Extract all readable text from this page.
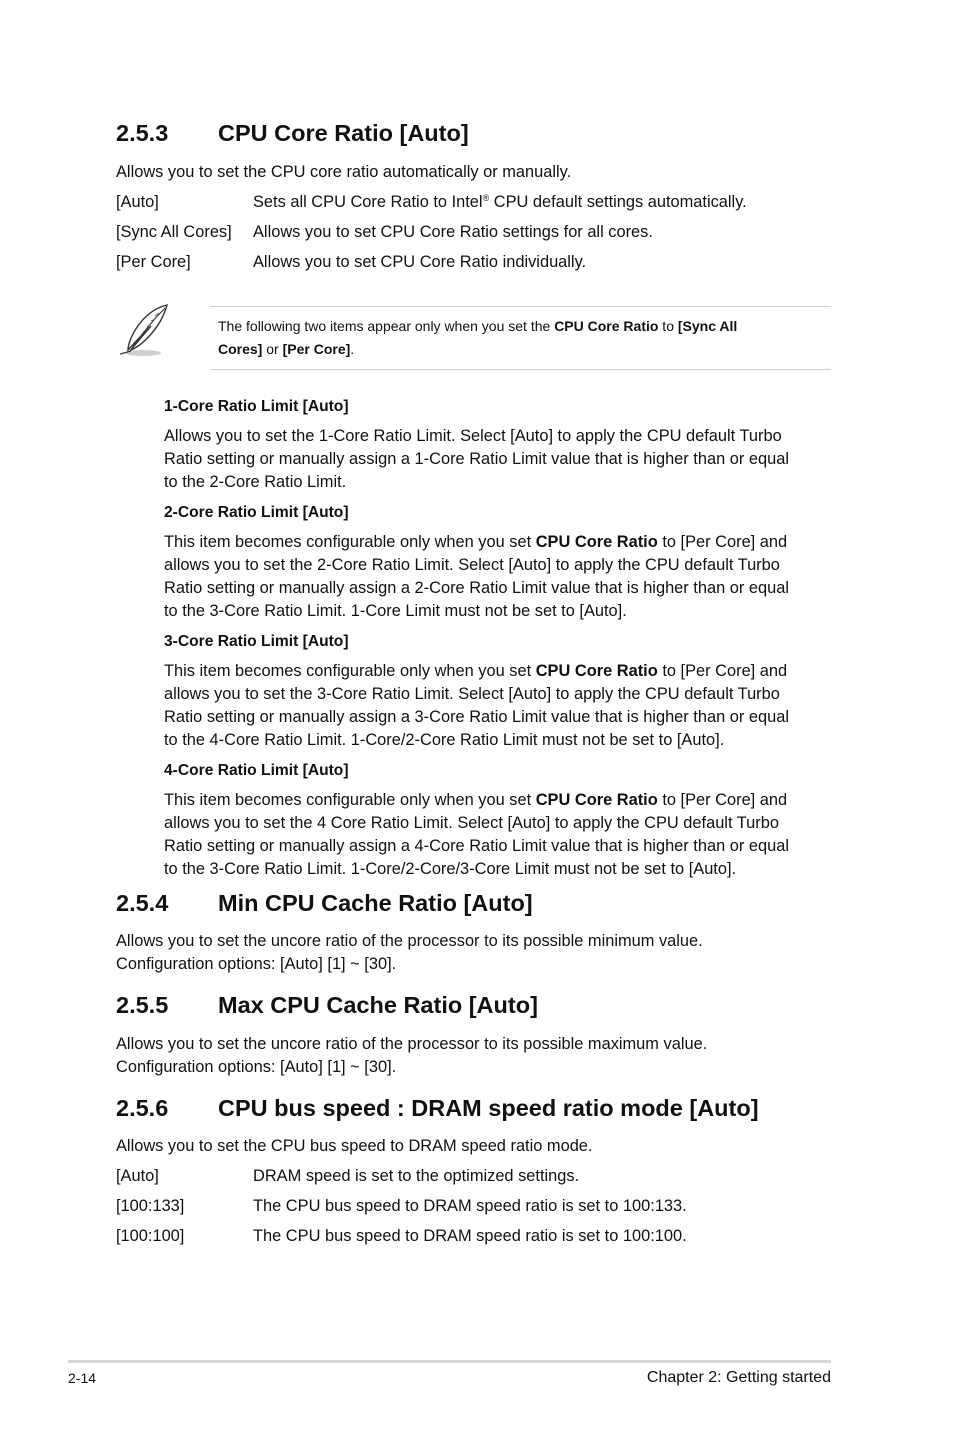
2.5.3 CPU Core Ratio [Auto]
Allows you to set the CPU core ratio automatically or manually.
[Auto]	Sets all CPU Core Ratio to Intel® CPU default settings automatically.
[Sync All Cores] Allows you to set CPU Core Ratio settings for all cores.
[Per Core]	Allows you to set CPU Core Ratio individually.
The following two items appear only when you set the CPU Core Ratio to [Sync All
Cores] or [Per Core].
1-Core Ratio Limit [Auto]
Allows you to set the 1-Core Ratio Limit. Select [Auto] to apply the CPU default Turbo
Ratio setting or manually assign a 1-Core Ratio Limit value that is higher than or equal
to the 2-Core Ratio Limit.
2-Core Ratio Limit [Auto]
This item becomes configurable only when you set CPU Core Ratio to [Per Core] and
allows you to set the 2-Core Ratio Limit. Select [Auto] to apply the CPU default Turbo
Ratio setting or manually assign a 2-Core Ratio Limit value that is higher than or equal
to the 3-Core Ratio Limit. 1-Core Limit must not be set to [Auto].
3-Core Ratio Limit [Auto]
This item becomes configurable only when you set CPU Core Ratio to [Per Core] and
allows you to set the 3-Core Ratio Limit. Select [Auto] to apply the CPU default Turbo
Ratio setting or manually assign a 3-Core Ratio Limit value that is higher than or equal
to the 4-Core Ratio Limit. 1-Core/2-Core Ratio Limit must not be set to [Auto].
4-Core Ratio Limit [Auto]
This item becomes configurable only when you set CPU Core Ratio to [Per Core] and
allows you to set the 4 Core Ratio Limit. Select [Auto] to apply the CPU default Turbo
Ratio setting or manually assign a 4-Core Ratio Limit value that is higher than or equal
to the 3-Core Ratio Limit. 1-Core/2-Core/3-Core Limit must not be set to [Auto].
2.5.4 Min CPU Cache Ratio [Auto]
Allows you to set the uncore ratio of the processor to its possible minimum value.
Configuration options: [Auto] [1] ~ [30].
2.5.5 Max CPU Cache Ratio [Auto]
Allows you to set the uncore ratio of the processor to its possible maximum value.
Configuration options: [Auto] [1] ~ [30].
2.5.6 CPU bus speed : DRAM speed ratio mode [Auto]
Allows you to set the CPU bus speed to DRAM speed ratio mode.
[Auto]	DRAM speed is set to the optimized settings.
[100:133]	The CPU bus speed to DRAM speed ratio is set to 100:133.
[100:100]	The CPU bus speed to DRAM speed ratio is set to 100:100.
2-14	Chapter 2: Getting started
